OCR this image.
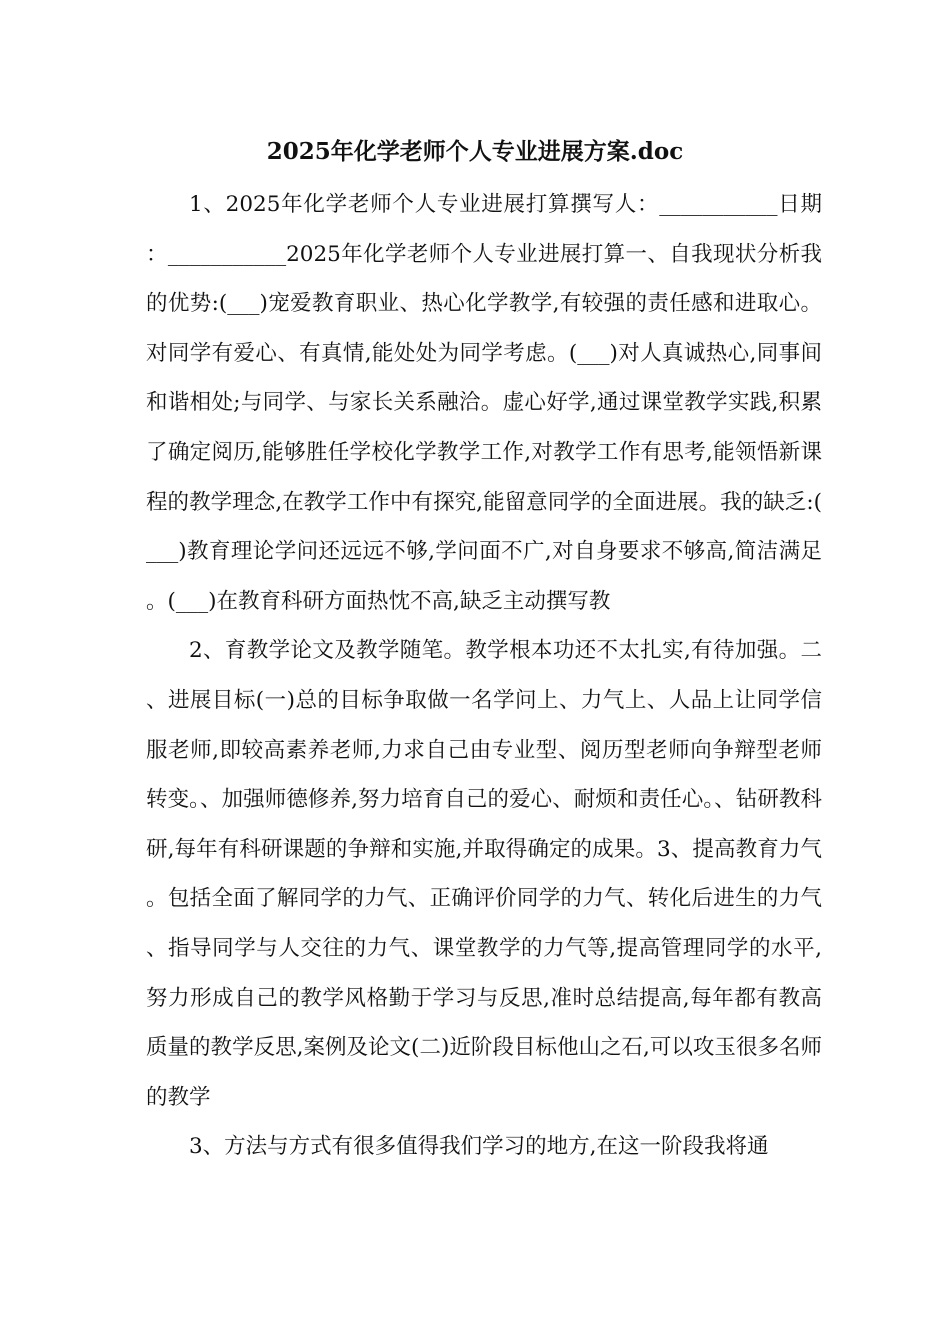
2025年化学老师个人专业进展方案.doc

1、2025年化学老师个人专业进展打算撰写人：___________日期：___________2025年化学老师个人专业进展打算一、自我现状分析我的优势:(___)宠爱教育职业、热心化学教学,有较强的责任感和进取心。对同学有爱心、有真情,能处处为同学考虑。(___)对人真诚热心,同事间和谐相处;与同学、与家长关系融洽。虚心好学,通过课堂教学实践,积累了确定阅历,能够胜任学校化学教学工作,对教学工作有思考,能领悟新课程的教学理念,在教学工作中有探究,能留意同学的全面进展。我的缺乏:(___)教育理论学问还远远不够,学问面不广,对自身要求不够高,简洁满足。(___)在教育科研方面热忱不高,缺乏主动撰写教

2、育教学论文及教学随笔。教学根本功还不太扎实,有待加强。二、进展目标(一)总的目标争取做一名学问上、力气上、人品上让同学信服老师,即较高素养老师,力求自己由专业型、阅历型老师向争辩型老师转变。、加强师德修养,努力培育自己的爱心、耐烦和责任心。、钻研教科研,每年有科研课题的争辩和实施,并取得确定的成果。3、提高教育力气。包括全面了解同学的力气、正确评价同学的力气、转化后进生的力气、指导同学与人交往的力气、课堂教学的力气等,提高管理同学的水平,努力形成自己的教学风格勤于学习与反思,准时总结提高,每年都有教高质量的教学反思,案例及论文(二)近阶段目标他山之石,可以攻玉很多名师的教学

3、方法与方式有很多值得我们学习的地方,在这一阶段我将通
